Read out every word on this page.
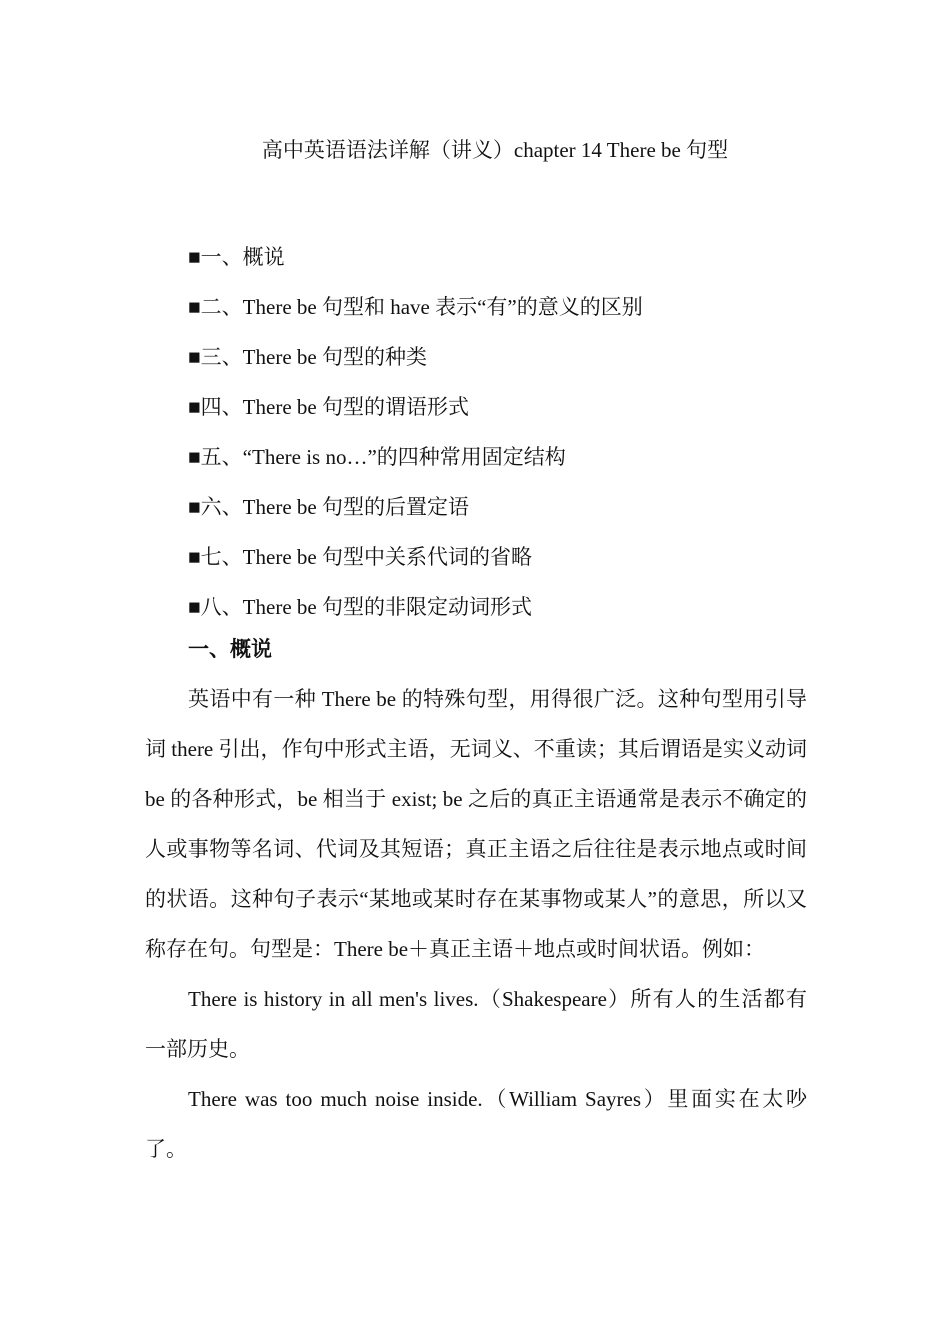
高中英语语法详解（讲义）chapter 14 There be 句型
■一、概说
■二、There be 句型和 have 表示“有”的意义的区别
■三、There be 句型的种类
■四、There be 句型的谓语形式
■五、“There is no…”的四种常用固定结构
■六、There be 句型的后置定语
■七、There be 句型中关系代词的省略
■八、There be 句型的非限定动词形式
一、概说

英语中有一种 There be 的特殊句型，用得很广泛。这种句型用引导词 there 引出，作句中形式主语，无词义、不重读；其后谓语是实义动词 be 的各种形式，be 相当于 exist; be 之后的真正主语通常是表示不确定的人或事物等名词、代词及其短语；真正主语之后往往是表示地点或时间的状语。这种句子表示“某地或某时存在某事物或某人”的意思，所以又称存在句。句型是：There be＋真正主语＋地点或时间状语。例如：

There is history in all men's lives.（Shakespeare）所有人的生活都有一部历史。

There was too much noise inside.（William Sayres）里面实在太吵了。
